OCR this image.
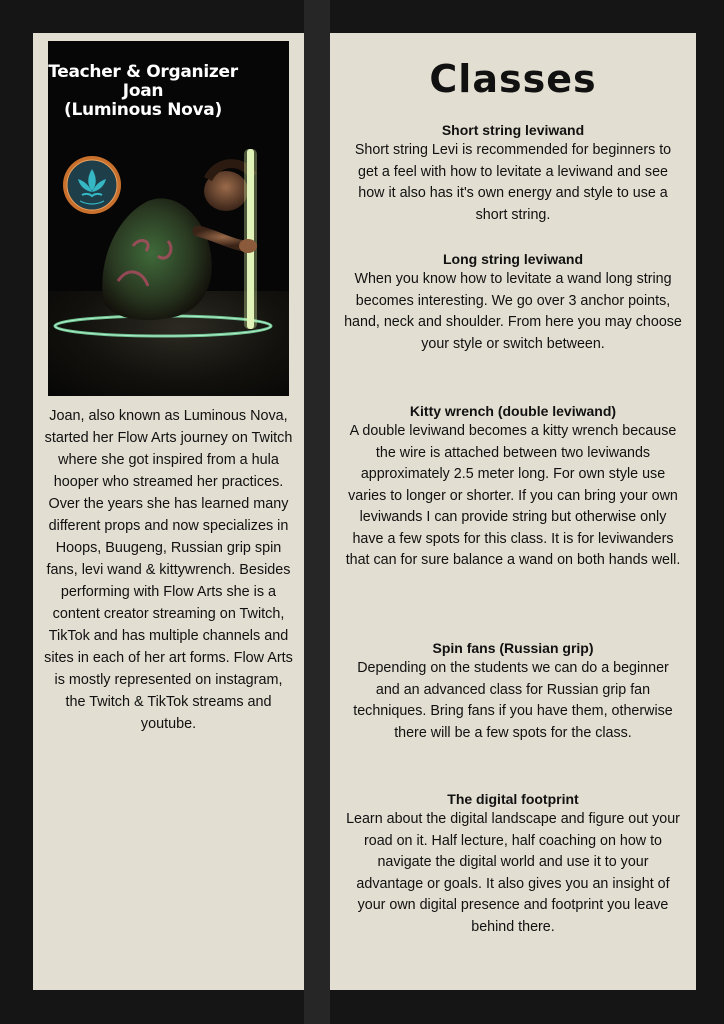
Teacher & Organizer
Joan
(Luminous Nova)
Joan, also known as Luminous Nova, started her Flow Arts journey on Twitch where she got inspired from a hula hooper who streamed her practices. Over the years she has learned many different props and now specializes in Hoops, Buugeng, Russian grip spin fans, levi wand & kittywrench. Besides performing with Flow Arts she is a content creator streaming on Twitch, TikTok and has multiple channels and sites in each of her art forms. Flow Arts is mostly represented on instagram, the Twitch & TikTok streams and youtube.
Classes
Short string leviwand

Short string Levi is recommended for beginners to get a feel with how to levitate a leviwand and see how it also has it's own energy and style to use a short string.

Long string leviwand

When you know how to levitate a wand long string becomes interesting. We go over 3 anchor points, hand, neck and shoulder. From here you may choose your style or switch between.

Kitty wrench (double leviwand)

A double leviwand becomes a kitty wrench because the wire is attached between two leviwands approximately 2.5 meter long. For own style use varies to longer or shorter. If you can bring your own leviwands I can provide string but otherwise only have a few spots for this class. It is for leviwanders that can for sure balance a wand on both hands well.

Spin fans (Russian grip)

Depending on the students we can do a beginner and an advanced class for Russian grip fan techniques. Bring fans if you have them, otherwise there will be a few spots for the class.

The digital footprint

Learn about the digital landscape and figure out your road on it. Half lecture, half coaching on how to navigate the digital world and use it to your advantage or goals. It also gives you an insight of your own digital presence and footprint you leave behind there.
